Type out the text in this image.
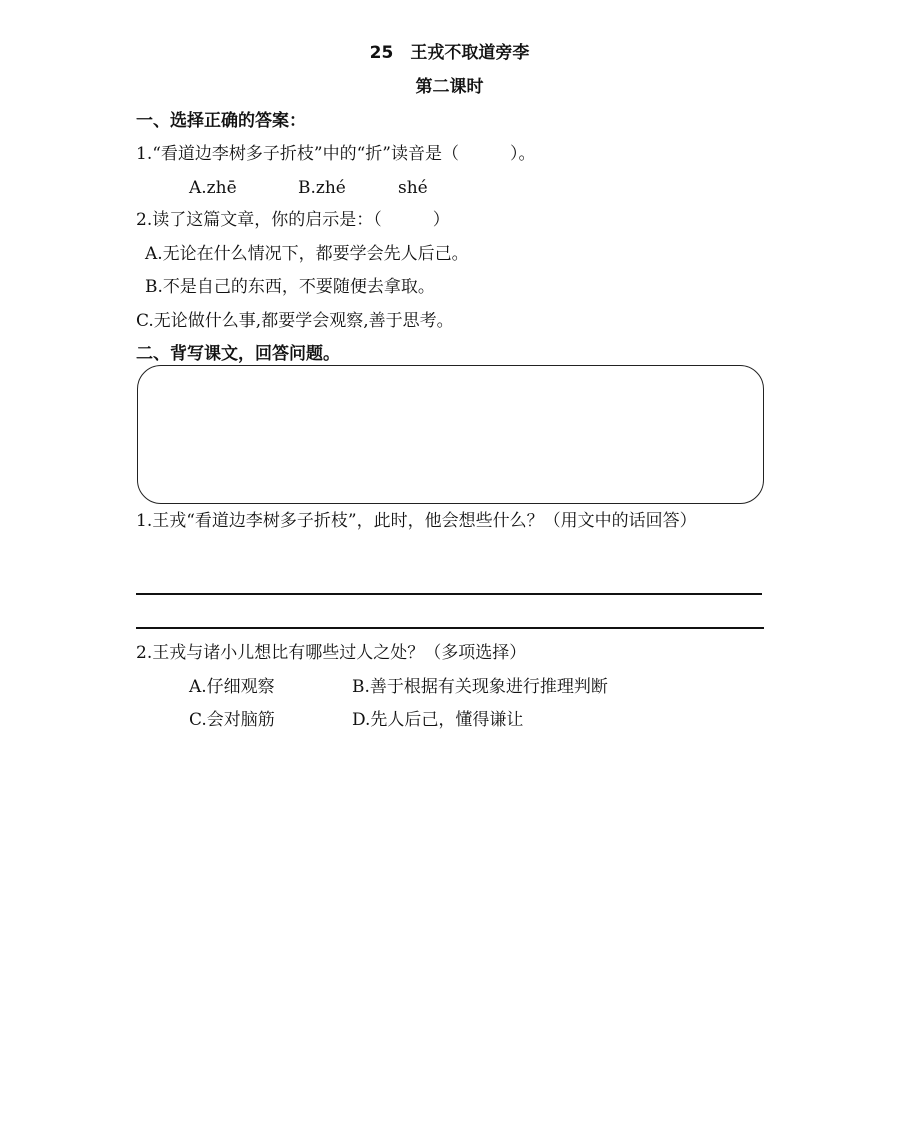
25　王戎不取道旁李
第二课时
一、选择正确的答案：
1.“看道边李树多子折枝”中的“折”读音是（　　　）。
A.zhē	B.zhé	shé
2.读了这篇文章，你的启示是：（　　　）
A.无论在什么情况下，都要学会先人后己。
B.不是自己的东西，不要随便去拿取。
C.无论做什么事,都要学会观察,善于思考。
二、背写课文，回答问题。
1.王戎“看道边李树多子折枝”，此时，他会想些什么？（用文中的话回答）
2.王戎与诸小儿想比有哪些过人之处？（多项选择）
A.仔细观察	B.善于根据有关现象进行推理判断
C.会对脑筋	D.先人后己，懂得谦让
